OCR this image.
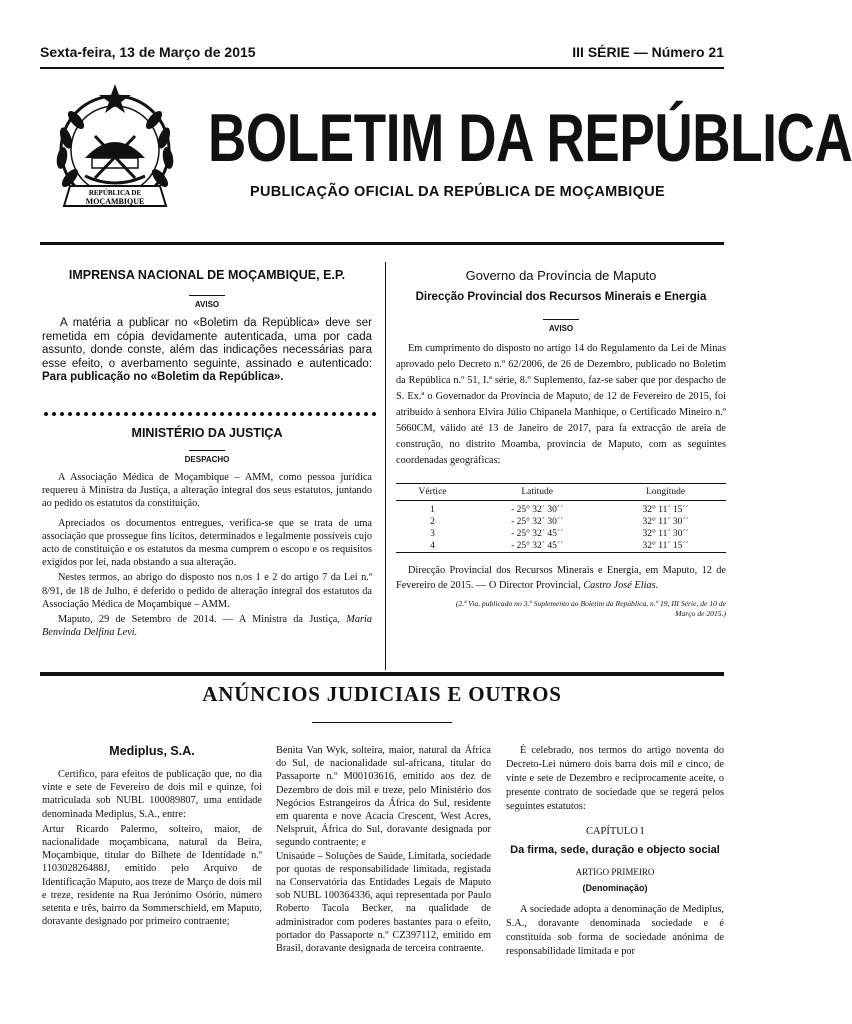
Sexta-feira, 13 de Março de 2015	III SÉRIE — Número 21
REPÚBLICA DE
MOÇAMBIQUE
BOLETIM DA REPÚBLICA
PUBLICAÇÃO OFICIAL DA REPÚBLICA DE MOÇAMBIQUE
IMPRENSA NACIONAL DE MOÇAMBIQUE, E.P.
AVISO

A matéria a publicar no «Boletim da República» deve ser remetida em cópia devidamente autenticada, uma por cada assunto, donde conste, além das indicações necessárias para esse efeito, o averbamento seguinte, assinado e autenticado: Para publicação no «Boletim da República».

MINISTÉRIO DA JUSTIÇA
DESPACHO

A Associação Médica de Moçambique – AMM, como pessoa jurídica requereu à Ministra da Justiça, a alteração integral dos seus estatutos, juntando ao pedido os estatutos da constituição.

Apreciados os documentos entregues, verifica-se que se trata de uma associação que prossegue fins lícitos, determinados e legalmente possíveis cujo acto de constituição e os estatutos da mesma cumprem o escopo e os requisitos exigidos por lei, nada obstando a sua alteração.

Nestes termos, ao abrigo do disposto nos n.os 1 e 2 do artigo 7 da Lei n.º 8/91, de 18 de Julho, é deferido o pedido de alteração integral dos estatutos da Associação Médica de Moçambique – AMM.

Maputo, 29 de Setembro de 2014. — A Ministra da Justiça, Maria Benvinda Delfina Levi.

Governo da Província de Maputo
Direcção Provincial dos Recursos Minerais e Energia
AVISO

Em cumprimento do disposto no artigo 14 do Regulamento da Lei de Minas aprovado pelo Decreto n.º 62/2006, de 26 de Dezembro, publicado no Boletim da República n.º 51, I.ª série, 8.º Suplemento, faz-se saber que por despacho de S. Ex.ª o Governador da Província de Maputo, de 12 de Fevereiro de 2015, foi atribuído à senhora Elvira Júlio Chipanela Manhique, o Certificado Mineiro n.º 5660CM, válido até 13 de Janeiro de 2017, para fa extracção de areia de construção, no distrito Moamba, província de Maputo, com as seguintes coordenadas geográficas:

Vértice	Latitude	Longitude
1	- 25° 32´ 30´´	32° 11´ 15´´
2	- 25° 32´ 30´´	32° 11´ 30´´
3	- 25° 32´ 45´´	32° 11´ 30´´
4	- 25° 32´ 45´´	32° 11´ 15´´

Direcção Provincial dos Recursos Minerais e Energia, em Maputo, 12 de Fevereiro de 2015. — O Director Provincial, Castro José Elias.

(2.ª Via, publicado no 3.º Suplemento ao Boletim da República, n.º 19, III Série, de 10 de Março de 2015.)

ANÚNCIOS JUDICIAIS E OUTROS
Mediplus, S.A.

Certifico, para efeitos de publicação que, no dia vinte e sete de Fevereiro de dois mil e quinze, foi matriculada sob NUBL 100089807, uma entidade denominada Mediplus, S.A., entre:

Artur Ricardo Palermo, solteiro, maior, de nacionalidade moçambicana, natural da Beira, Moçambique, titular do Bilhete de Identidade n.º 110302826488J, emitido pelo Arquivo de Identificação Maputo, aos treze de Março de dois mil e treze, residente na Rua Jerónimo Osório, número setenta e três, bairro da Sommerschield, em Maputo, doravante designado por primeiro contraente;

Benita Van Wyk, solteira, maior, natural da África do Sul, de nacionalidade sul-africana, titular do Passaporte n.º M00103616, emitido aos dez de Dezembro de dois mil e treze, pelo Ministério dos Negócios Estrangeiros da África do Sul, residente em quarenta e nove Acacia Crescent, West Acres, Nelspruit, África do Sul, doravante designada por segundo contraente; e

Unisaúde – Soluções de Saúde, Limitada, sociedade por quotas de responsabilidade limitada, registada na Conservatória das Entidades Legais de Maputo sob NUBL 100364336, aqui representada por Paulo Roberto Tacola Becker, na qualidade de administrador com poderes bastantes para o efeito, portador do Passaporte n.º CZ397112, emitido em Brasil, doravante designada de terceira contraente.

É celebrado, nos termos do artigo noventa do Decreto-Lei número dois barra dois mil e cinco, de vinte e sete de Dezembro e reciprocamente aceite, o presente contrato de sociedade que se regerá pelos seguintes estatutos:

CAPÍTULO I
Da firma, sede, duração e objecto social
ARTIGO PRIMEIRO
(Denominação)

A sociedade adopta a denominação de Mediplus, S.A., doravante denominada sociedade e é constituída sob forma de sociedade anónima de responsabilidade limitada e por
